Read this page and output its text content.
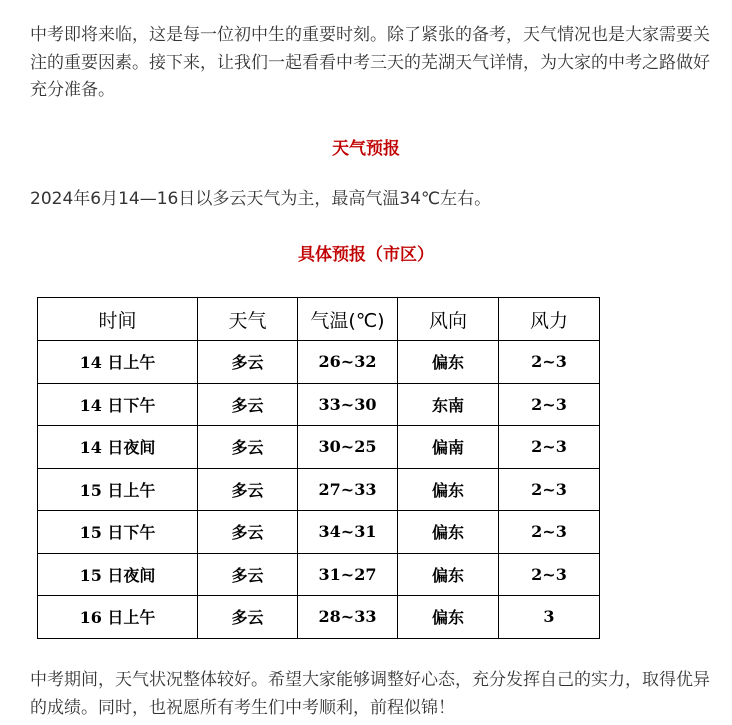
中考即将来临，这是每一位初中生的重要时刻。除了紧张的备考，天气情况也是大家需要关注的重要因素。接下来，让我们一起看看中考三天的芜湖天气详情，为大家的中考之路做好充分准备。

天气预报

2024年6月14—16日以多云天气为主，最高气温34℃左右。

具体预报（市区）

时间	天气	气温(℃)	风向	风力
14 日上午	多云	26~32	偏东	2~3
14 日下午	多云	33~30	东南	2~3
14 日夜间	多云	30~25	偏南	2~3
15 日上午	多云	27~33	偏东	2~3
15 日下午	多云	34~31	偏东	2~3
15 日夜间	多云	31~27	偏东	2~3
16 日上午	多云	28~33	偏东	3

中考期间，天气状况整体较好。希望大家能够调整好心态，充分发挥自己的实力，取得优异的成绩。同时，也祝愿所有考生们中考顺利，前程似锦！
